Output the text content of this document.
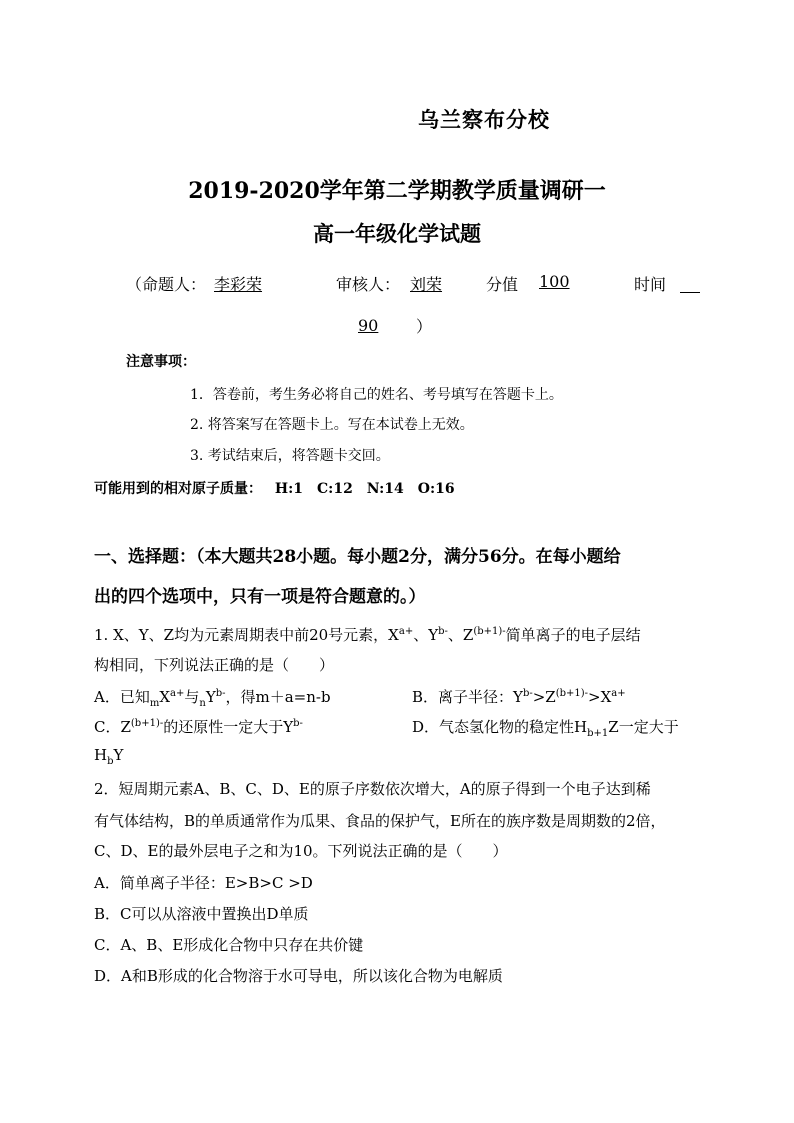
乌兰察布分校
2019-2020学年第二学期教学质量调研一
高一年级化学试题
（命题人： 李彩荣	审核人： 刘荣	分值	100	时间
90	）
注意事项：
1．答卷前，考生务必将自己的姓名、考号填写在答题卡上。
2. 将答案写在答题卡上。写在本试卷上无效。
3. 考试结束后，将答题卡交回。
可能用到的相对原子质量： H:1　C:12　N:14　O:16
一、选择题：（本大题共28小题。每小题2分，满分56分。在每小题给
出的四个选项中，只有一项是符合题意的。）
1. X、Y、Z均为元素周期表中前20号元素，$X^{a+}$、$Y^{b-}$、$Z^{(b+1)-}$简单离子的电子层结
构相同，下列说法正确的是（　　）
A．已知$_mX^{a+}$与$_nY^{b-}$，得m＋a=n-b	B．离子半径：$Y^{b-}>Z^{(b+1)-}>X^{a+}$
C．$Z^{(b+1)-}$的还原性一定大于$Y^{b-}$	D．气态氢化物的稳定性$H_{b+1}Z$一定大于
$H_bY$
2．短周期元素A、B、C、D、E的原子序数依次增大，A的原子得到一个电子达到稀
有气体结构，B的单质通常作为瓜果、食品的保护气，E所在的族序数是周期数的2倍，
C、D、E的最外层电子之和为10。下列说法正确的是（　　）
A．简单离子半径：E>B>C >D
B．C可以从溶液中置换出D单质
C．A、B、E形成化合物中只存在共价键
D．A和B形成的化合物溶于水可导电，所以该化合物为电解质
